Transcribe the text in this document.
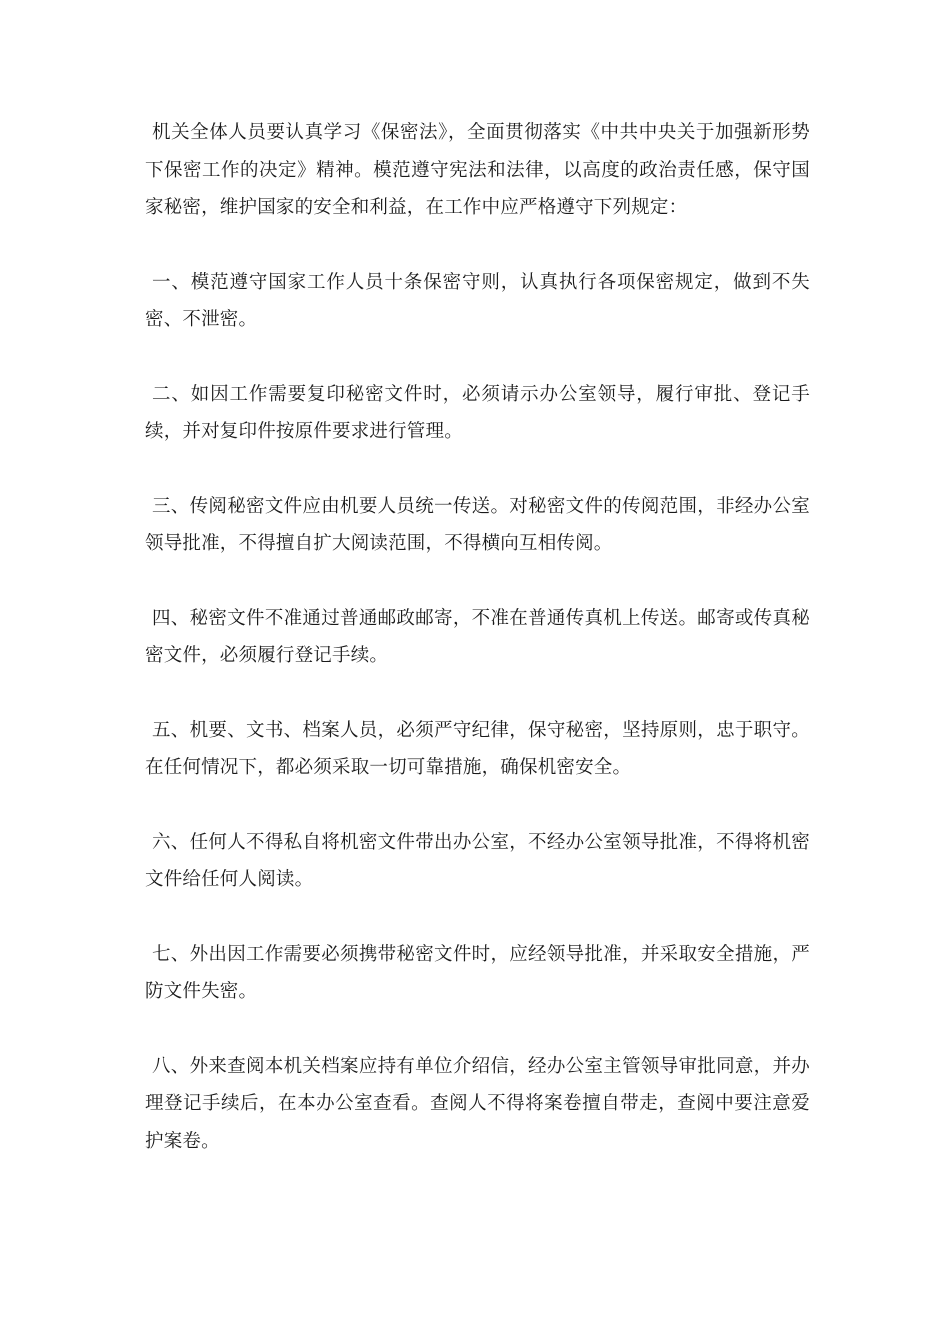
机关全体人员要认真学习《保密法》，全面贯彻落实《中共中央关于加强新形势下保密工作的决定》精神。模范遵守宪法和法律，以高度的政治责任感，保守国家秘密，维护国家的安全和利益，在工作中应严格遵守下列规定：

一、模范遵守国家工作人员十条保密守则，认真执行各项保密规定，做到不失密、不泄密。

二、如因工作需要复印秘密文件时，必须请示办公室领导，履行审批、登记手续，并对复印件按原件要求进行管理。

三、传阅秘密文件应由机要人员统一传送。对秘密文件的传阅范围，非经办公室领导批准，不得擅自扩大阅读范围，不得横向互相传阅。

四、秘密文件不准通过普通邮政邮寄，不准在普通传真机上传送。邮寄或传真秘密文件，必须履行登记手续。

五、机要、文书、档案人员，必须严守纪律，保守秘密，坚持原则，忠于职守。在任何情况下，都必须采取一切可靠措施，确保机密安全。

六、任何人不得私自将机密文件带出办公室，不经办公室领导批准，不得将机密文件给任何人阅读。

七、外出因工作需要必须携带秘密文件时，应经领导批准，并采取安全措施，严防文件失密。

八、外来查阅本机关档案应持有单位介绍信，经办公室主管领导审批同意，并办理登记手续后，在本办公室查看。查阅人不得将案卷擅自带走，查阅中要注意爱护案卷。
